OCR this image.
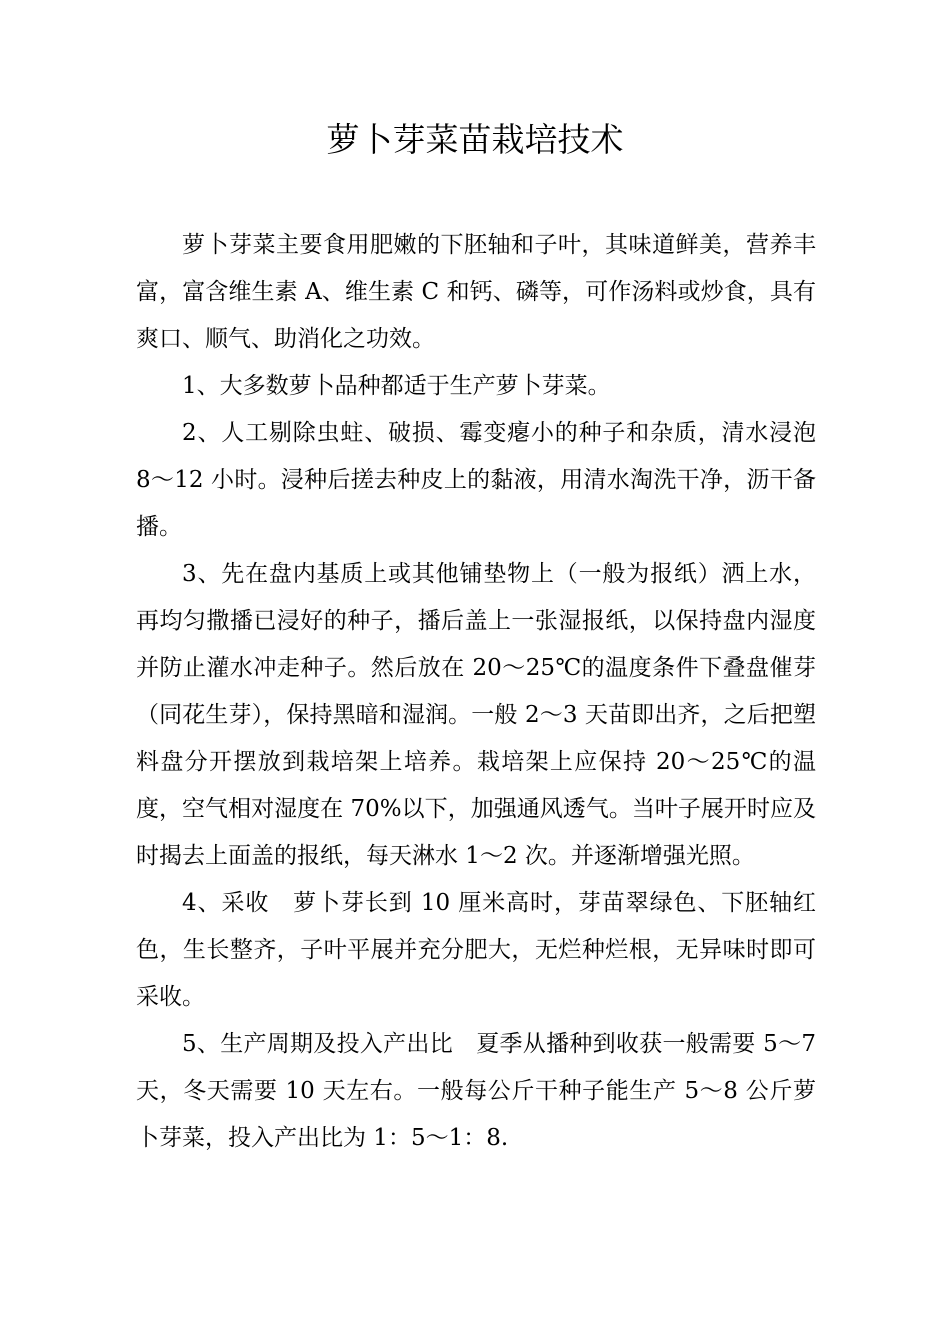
萝卜芽菜苗栽培技术

萝卜芽菜主要食用肥嫩的下胚轴和子叶，其味道鲜美，营养丰富，富含维生素 A、维生素 C 和钙、磷等，可作汤料或炒食，具有爽口、顺气、助消化之功效。

1、大多数萝卜品种都适于生产萝卜芽菜。

2、人工剔除虫蛀、破损、霉变瘪小的种子和杂质，清水浸泡 8～12 小时。浸种后搓去种皮上的黏液，用清水淘洗干净，沥干备播。

3、先在盘内基质上或其他铺垫物上（一般为报纸）洒上水，再均匀撒播已浸好的种子，播后盖上一张湿报纸，以保持盘内湿度并防止灌水冲走种子。然后放在 20～25℃的温度条件下叠盘催芽（同花生芽），保持黑暗和湿润。一般 2～3 天苗即出齐，之后把塑料盘分开摆放到栽培架上培养。栽培架上应保持 20～25℃的温度，空气相对湿度在 70%以下，加强通风透气。当叶子展开时应及时揭去上面盖的报纸，每天淋水 1～2 次。并逐渐增强光照。

4、采收　萝卜芽长到 10 厘米高时，芽苗翠绿色、下胚轴红色，生长整齐，子叶平展并充分肥大，无烂种烂根，无异味时即可采收。

5、生产周期及投入产出比　夏季从播种到收获一般需要 5～7 天，冬天需要 10 天左右。一般每公斤干种子能生产 5～8 公斤萝卜芽菜，投入产出比为 1：5～1：8.
